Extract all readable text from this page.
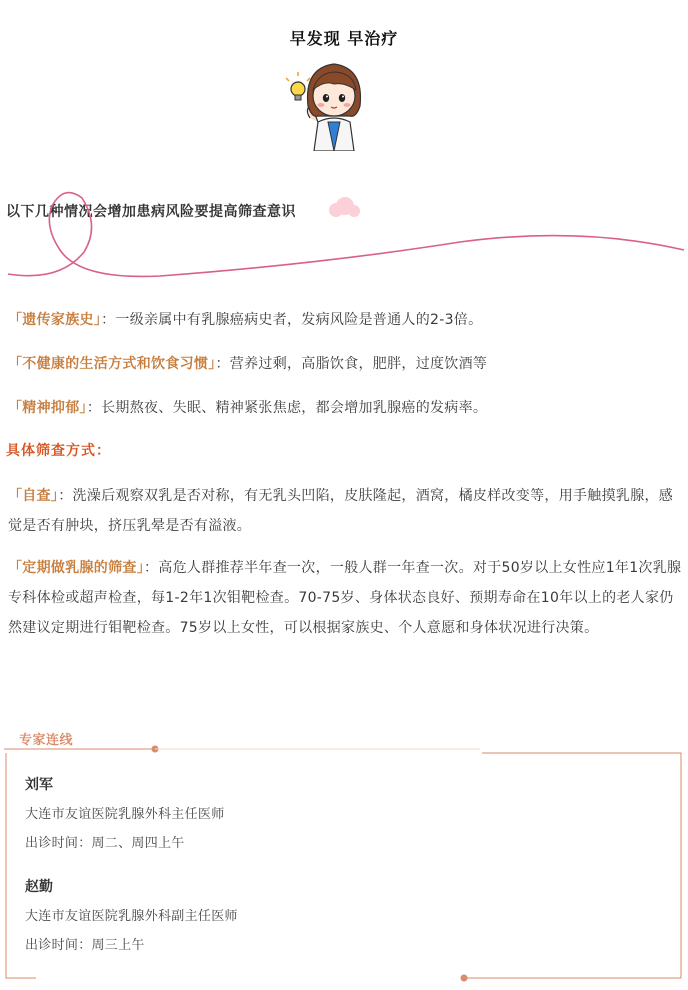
早发现 早治疗
以下几种情况会增加患病风险要提高筛查意识
「遗传家族史」：一级亲属中有乳腺癌病史者，发病风险是普通人的2-3倍。
「不健康的生活方式和饮食习惯」：营养过剩，高脂饮食，肥胖，过度饮酒等
「精神抑郁」：长期熬夜、失眠、精神紧张焦虑，都会增加乳腺癌的发病率。
具体筛查方式：
「自查」：洗澡后观察双乳是否对称，有无乳头凹陷，皮肤隆起，酒窝，橘皮样改变等，用手触摸乳腺，感觉是否有肿块，挤压乳晕是否有溢液。
「定期做乳腺的筛查」：高危人群推荐半年查一次，一般人群一年查一次。对于50岁以上女性应1年1次乳腺专科体检或超声检查，每1-2年1次钼靶检查。70-75岁、身体状态良好、预期寿命在10年以上的老人家仍然建议定期进行钼靶检查。75岁以上女性，可以根据家族史、个人意愿和身体状况进行决策。
专家连线
刘军
大连市友谊医院乳腺外科主任医师
出诊时间：周二、周四上午
赵勤
大连市友谊医院乳腺外科副主任医师
出诊时间：周三上午
